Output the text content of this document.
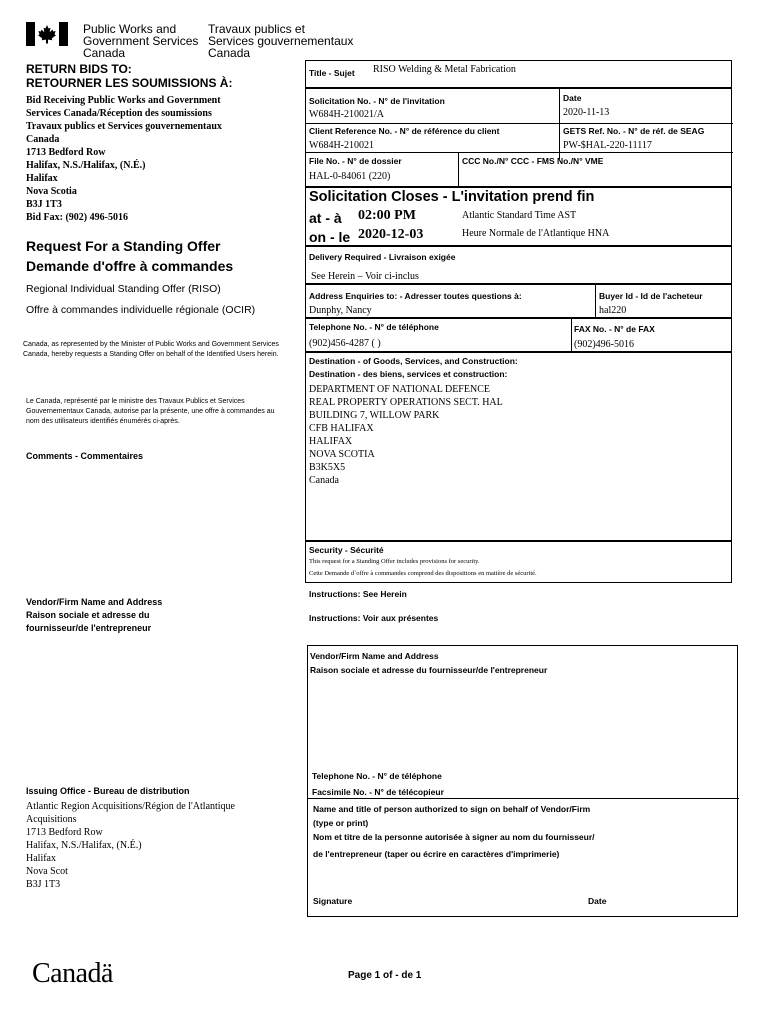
Public Works and
Government Services
Canada
Travaux publics et
Services gouvernementaux
Canada
RETURN BIDS TO:
RETOURNER LES SOUMISSIONS À:
Bid Receiving Public Works and Government
Services Canada/Réception des soumissions
Travaux publics et Services gouvernementaux
Canada
1713 Bedford Row
Halifax, N.S./Halifax, (N.É.)
Halifax
Nova Scotia
B3J 1T3
Bid Fax: (902) 496-5016
Request For a Standing Offer
Demande d'offre à commandes
Regional Individual Standing Offer (RISO)
Offre à commandes individuelle régionale (OCIR)
Canada, as represented by the Minister of Public Works and Government Services Canada, hereby requests a Standing Offer on behalf of the Identified Users herein.
Le Canada, représenté par le ministre des Travaux Publics et Services Gouvernementaux Canada, autorise par la présente, une offre à commandes au nom des utilisateurs identifiés énumérés ci-après.
Comments - Commentaires
Vendor/Firm Name and Address
Raison sociale et adresse du
fournisseur/de l'entrepreneur
Issuing Office - Bureau de distribution
Atlantic Region Acquisitions/Région de l'Atlantique
Acquisitions
1713 Bedford Row
Halifax, N.S./Halifax, (N.É.)
Halifax
Nova Scot
B3J 1T3
Title - Sujet RISO Welding & Metal Fabrication
Solicitation No. - N° de l'invitation
W684H-210021/A
Date
2020-11-13
Client Reference No. - N° de référence du client
W684H-210021
GETS Ref. No. - N° de réf. de SEAG
PW-$HAL-220-11117
File No. - N° de dossier
HAL-0-84061 (220)
CCC No./N° CCC - FMS No./N° VME
Solicitation Closes - L'invitation prend fin
at - à 02:00 PM	Atlantic Standard Time AST
on - le 2020-12-03	Heure Normale de l'Atlantique HNA
Delivery Required - Livraison exigée
See Herein – Voir ci-inclus
Address Enquiries to: - Adresser toutes questions à:
Dunphy, Nancy
Buyer Id - Id de l'acheteur
hal220
Telephone No. - N° de téléphone
(902)456-4287 ( )
FAX No. - N° de FAX
(902)496-5016
Destination - of Goods, Services, and Construction:
Destination - des biens, services et construction:
DEPARTMENT OF NATIONAL DEFENCE
REAL PROPERTY OPERATIONS SECT. HAL
BUILDING 7, WILLOW PARK
CFB HALIFAX
HALIFAX
NOVA SCOTIA
B3K5X5
Canada
Security - Sécurité
This request for a Standing Offer includes provisions for security.
Cette Demande d`offre à commandes comprend des dispositions en matière de sécurité.
Instructions: See Herein
Instructions: Voir aux présentes
Vendor/Firm Name and Address
Raison sociale et adresse du fournisseur/de l'entrepreneur
Telephone No. - N° de téléphone
Facsimile No. - N° de télécopieur
Name and title of person authorized to sign on behalf of Vendor/Firm
(type or print)
Nom et titre de la personne autorisée à signer au nom du fournisseur/
de l'entrepreneur (taper ou écrire en caractères d'imprimerie)
Signature	Date
Canadä	Page 1 of - de 1
